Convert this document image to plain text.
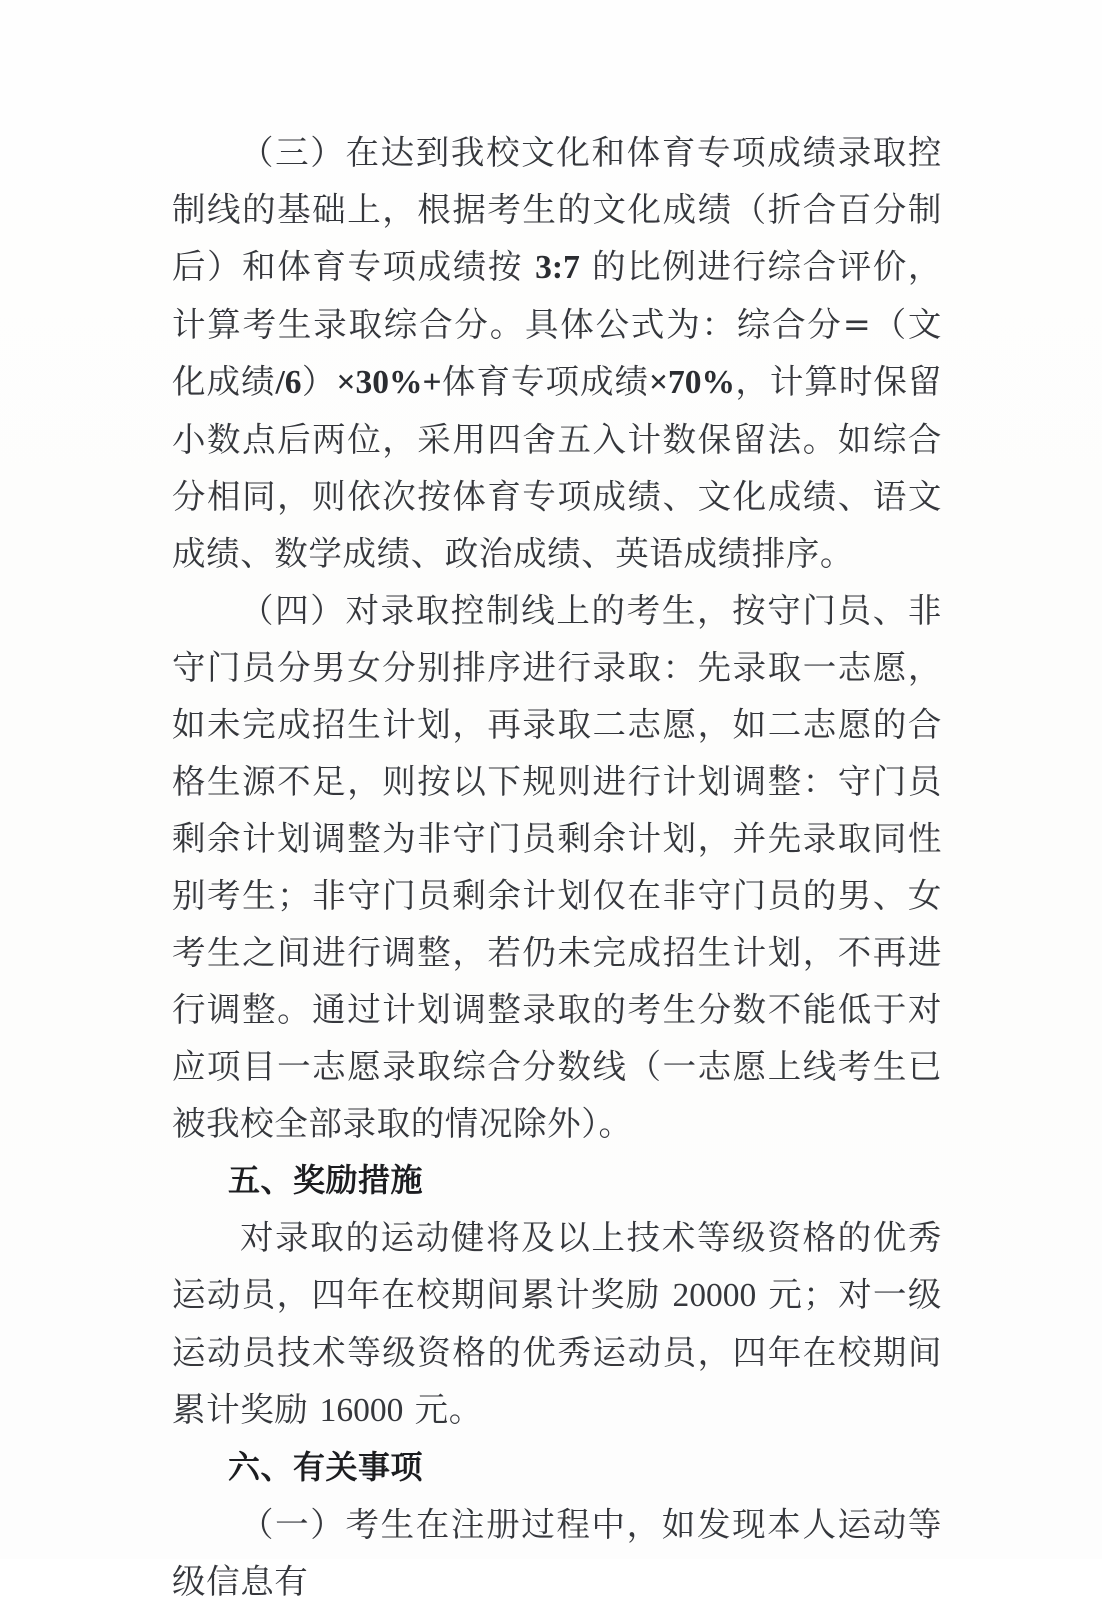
（三）在达到我校文化和体育专项成绩录取控制线的基础上，根据考生的文化成绩（折合百分制后）和体育专项成绩按 3:7 的比例进行综合评价，计算考生录取综合分。具体公式为：综合分=（文化成绩/6）×30%+体育专项成绩×70%，计算时保留小数点后两位，采用四舍五入计数保留法。如综合分相同，则依次按体育专项成绩、文化成绩、语文成绩、数学成绩、政治成绩、英语成绩排序。

（四）对录取控制线上的考生，按守门员、非守门员分男女分别排序进行录取：先录取一志愿，如未完成招生计划，再录取二志愿，如二志愿的合格生源不足，则按以下规则进行计划调整：守门员剩余计划调整为非守门员剩余计划，并先录取同性别考生；非守门员剩余计划仅在非守门员的男、女考生之间进行调整，若仍未完成招生计划，不再进行调整。通过计划调整录取的考生分数不能低于对应项目一志愿录取综合分数线（一志愿上线考生已被我校全部录取的情况除外）。

五、奖励措施

对录取的运动健将及以上技术等级资格的优秀运动员，四年在校期间累计奖励 20000 元；对一级运动员技术等级资格的优秀运动员，四年在校期间累计奖励 16000 元。

六、有关事项

（一）考生在注册过程中，如发现本人运动等级信息有
